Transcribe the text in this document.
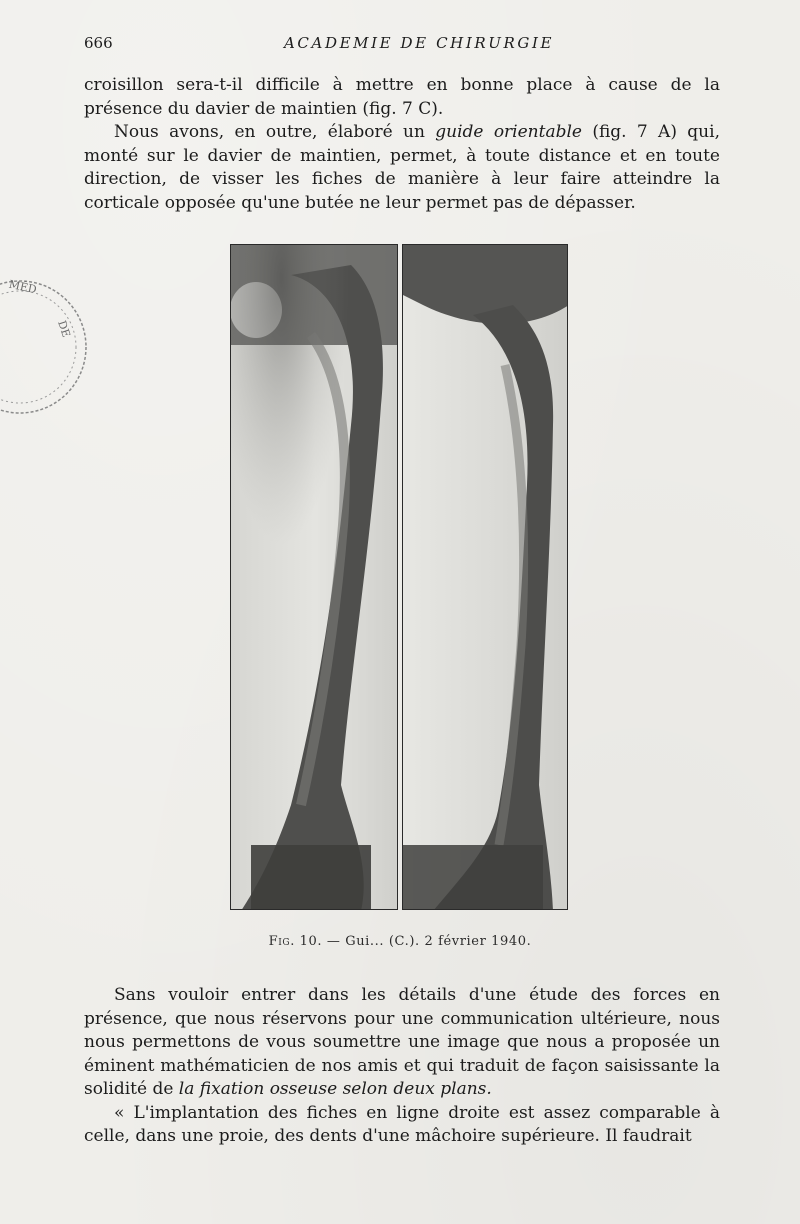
666	ACADEMIE DE CHIRURGIE

croisillon sera-t-il difficile à mettre en bonne place à cause de la présence du davier de maintien (fig. 7 C).

Nous avons, en outre, élaboré un guide orientable (fig. 7 A) qui, monté sur le davier de maintien, permet, à toute distance et en toute direction, de visser les fiches de manière à leur faire atteindre la corticale opposée qu'une butée ne leur permet pas de dépasser.

MÉD
DE
Fig. 10. — Gui... (C.). 2 février 1940.

Sans vouloir entrer dans les détails d'une étude des forces en présence, que nous réservons pour une communication ultérieure, nous nous permettons de vous soumettre une image que nous a proposée un éminent mathématicien de nos amis et qui traduit de façon saisissante la solidité de la fixation osseuse selon deux plans.

« L'implantation des fiches en ligne droite est assez comparable à celle, dans une proie, des dents d'une mâchoire supérieure. Il faudrait
